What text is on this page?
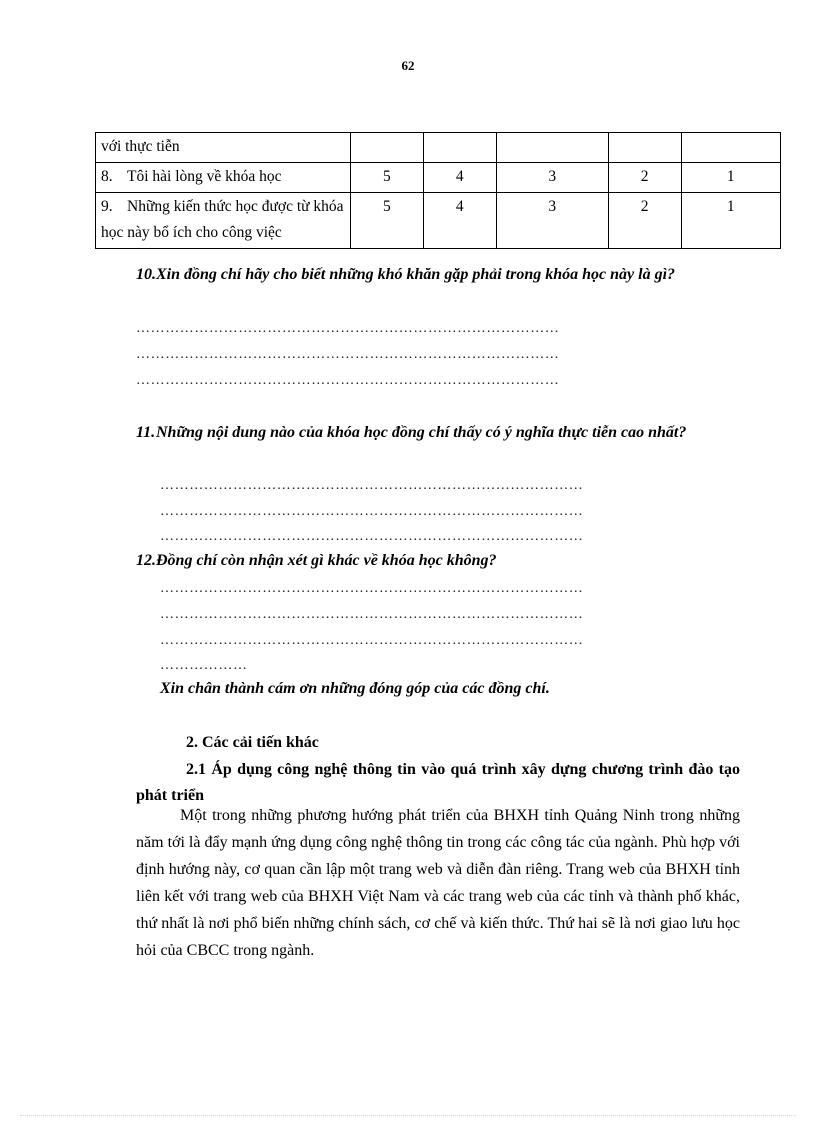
62
với thực tiễn					
8. Tôi hài lòng về khóa học	5	4	3	2	1
9. Những kiến thức học được từ khóa học này bổ ích cho công việc	5	4	3	2	1
10.Xin đồng chí hãy cho biết những khó khăn gặp phải trong khóa học này là gì?
……………………………………………………………………………
……………………………………………………………………………
……………………………………………………………………………
11.Những nội dung nào của khóa học đồng chí thấy có ý nghĩa thực tiễn cao nhất?
……………………………………………………………………………
……………………………………………………………………………
……………………………………………………………………………
12.Đồng chí còn nhận xét gì khác về khóa học không?
……………………………………………………………………………
……………………………………………………………………………
……………………………………………………………………………
………………
Xin chân thành cám ơn những đóng góp của các đồng chí.
2. Các cải tiến khác
2.1 Áp dụng công nghệ thông tin vào quá trình xây dựng chương trình đào tạo phát triển
Một trong những phương hướng phát triển của BHXH tỉnh Quảng Ninh trong những năm tới là đẩy mạnh ứng dụng công nghệ thông tin trong các công tác của ngành. Phù hợp với định hướng này, cơ quan cần lập một trang web và diễn đàn riêng. Trang web của BHXH tỉnh liên kết với trang web của BHXH Việt Nam và các trang web của các tỉnh và thành phố khác, thứ nhất là nơi phổ biến những chính sách, cơ chế và kiến thức. Thứ hai sẽ là nơi giao lưu học hỏi của CBCC trong ngành.
